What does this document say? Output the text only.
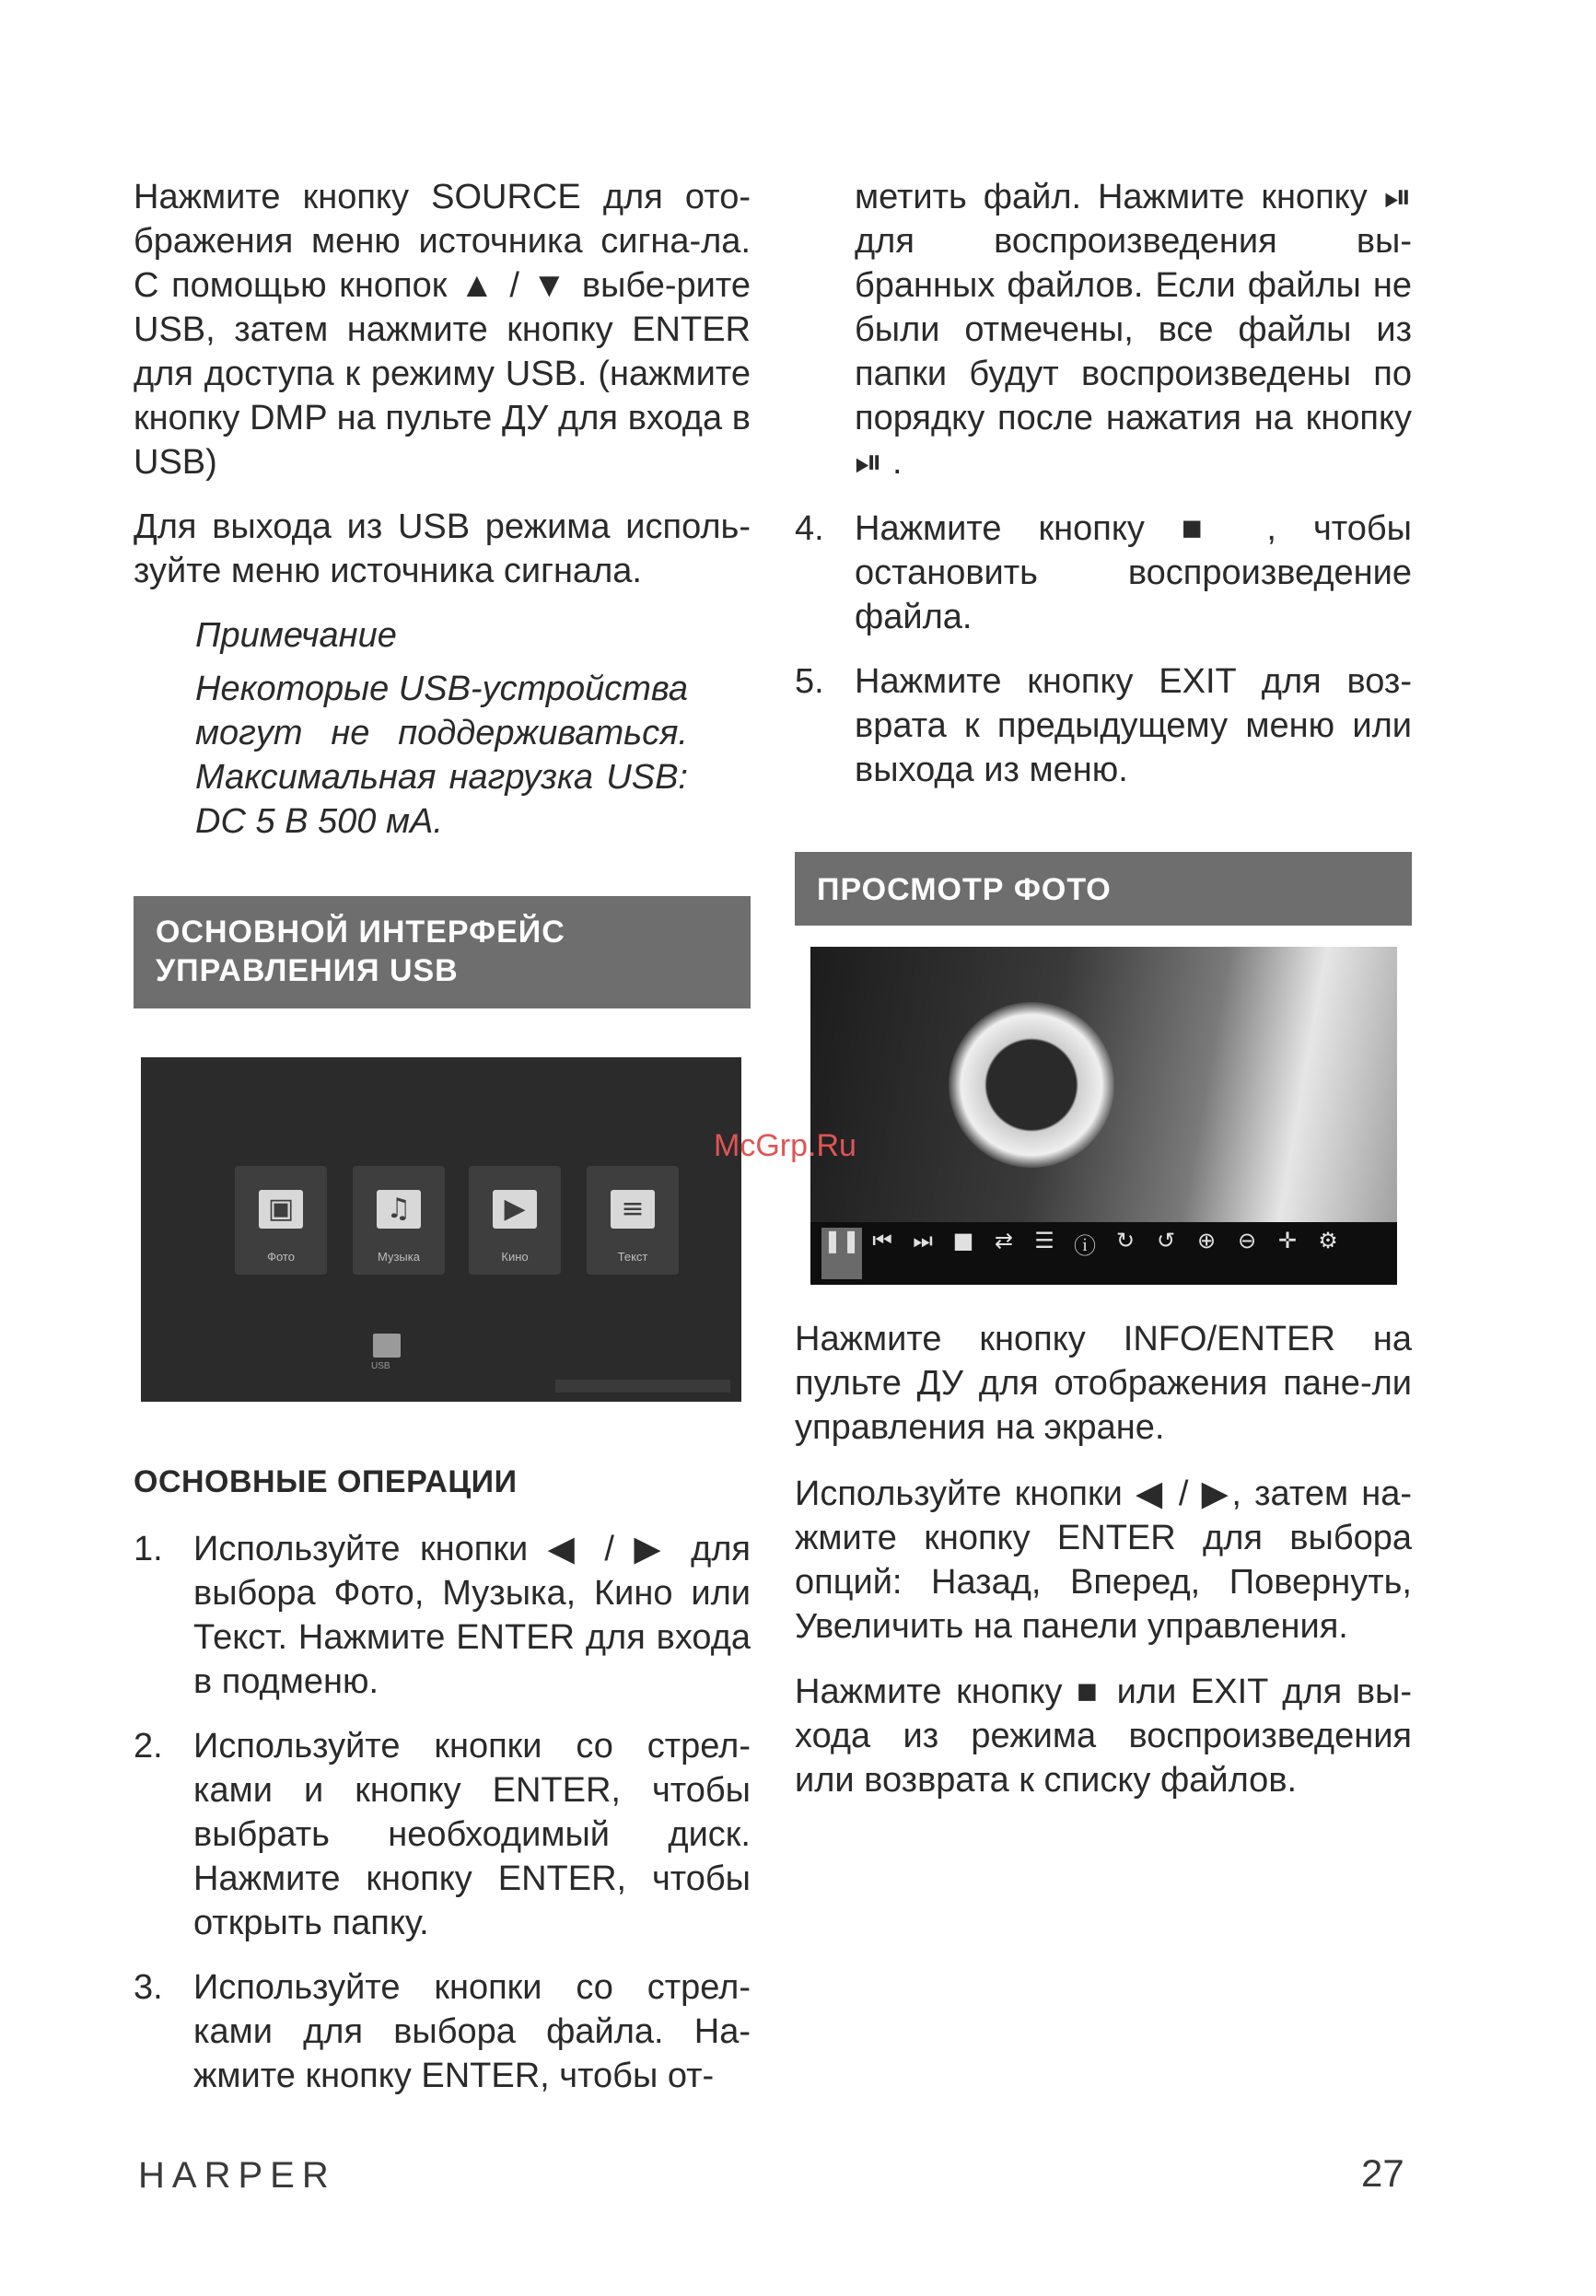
Нажмите кнопку SOURCE для ото-бражения меню источника сигна-ла. С помощью кнопок ▲ / ▼ выбе-рите USB, затем нажмите кнопку ENTER для доступа к режиму USB. (нажмите кнопку DMP на пульте ДУ для входа в USB)

Для выхода из USB режима исполь-зуйте меню источника сигнала.

Примечание
Некоторые USB-устройства могут не поддерживаться. Максимальная нагрузка USB: DC 5 В 500 мА.
ОСНОВНОЙ ИНТЕРФЕЙС УПРАВЛЕНИЯ USB
▣
Фото
♫
Музыка
▶
Кино
≡
Текст
USB
ОСНОВНЫЕ ОПЕРАЦИИ
1. Используйте кнопки ◀ / ▶ для выбора Фото, Музыка, Кино или Текст. Нажмите ENTER для входа в подменю.
2. Используйте кнопки со стрел-ками и кнопку ENTER, чтобы выбрать необходимый диск. Нажмите кнопку ENTER, чтобы открыть папку.
3. Используйте кнопки со стрел-ками для выбора файла. На-жмите кнопку ENTER, чтобы от-

метить файл. Нажмите кнопку ⏯ для воспроизведения вы-бранных файлов. Если файлы не были отмечены, все файлы из папки будут воспроизведены по порядку после нажатия на кнопку ⏯ .

4. Нажмите кнопку ■ , чтобы остановить воспроизведение файла.
5. Нажмите кнопку EXIT для воз-врата к предыдущему меню или выхода из меню.
ПРОСМОТР ФОТО
❚❚ ⏮ ⏭ ■ ⇄ ☰ ⓘ ↻ ↺ ⊕ ⊖ ✛ ⚙
McGrp.Ru

Нажмите кнопку INFO/ENTER на пульте ДУ для отображения пане-ли управления на экране.

Используйте кнопки ◀ / ▶, затем на-жмите кнопку ENTER для выбора опций: Назад, Вперед, Повернуть, Увеличить на панели управления.

Нажмите кнопку ■ или EXIT для вы-хода из режима воспроизведения или возврата к списку файлов.

HARPER	27
